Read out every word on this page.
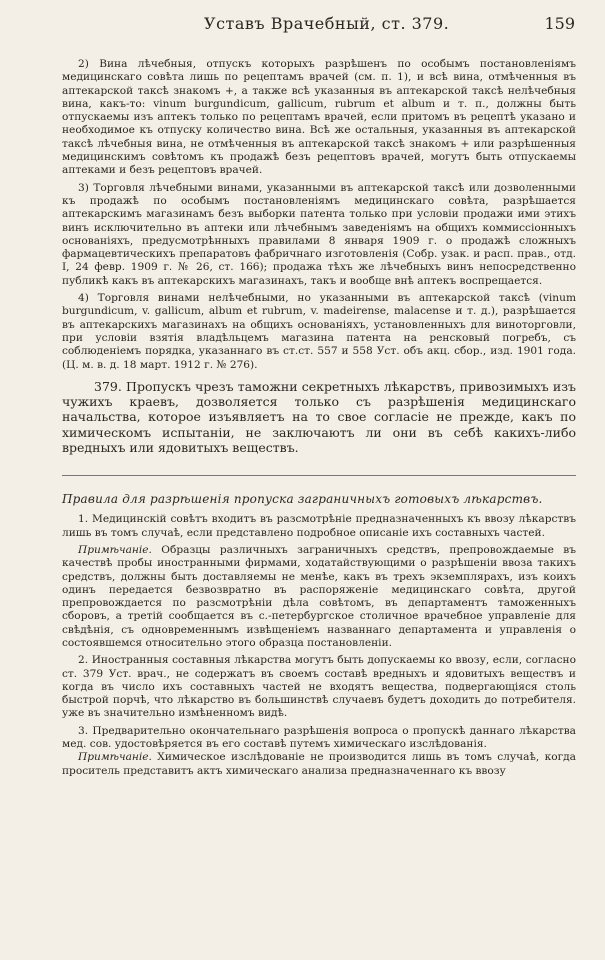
Уставъ Врачебный, ст. 379.	159

2) Вина лѣчебныя, отпускъ которыхъ разрѣшенъ по особымъ постановленіямъ медицинскаго совѣта лишь по рецептамъ врачей (см. п. 1), и всѣ вина, отмѣченныя въ аптекарской таксѣ знакомъ +, а также всѣ указанныя въ аптекарской таксѣ нелѣчебныя вина, какъ-то: vinum burgundicum, gallicum, rubrum et album и т. п., должны быть отпускаемы изъ аптекъ только по рецептамъ врачей, если притомъ въ рецептѣ указано и необходимое къ отпуску количество вина. Всѣ же остальныя, указанныя въ аптекарской таксѣ лѣчебныя вина, не отмѣченныя въ аптекарской таксѣ знакомъ + или разрѣшенныя медицинскимъ совѣтомъ къ продажѣ безъ рецептовъ врачей, могутъ быть отпускаемы аптеками и безъ рецептовъ врачей.

3) Торговля лѣчебными винами, указанными въ аптекарской таксѣ или дозволенными къ продажѣ по особымъ постановленіямъ медицинскаго совѣта, разрѣшается аптекарскимъ магазинамъ безъ выборки патента только при условіи продажи ими этихъ винъ исключительно въ аптеки или лѣчебнымъ заведеніямъ на общихъ коммиссіонныхъ основаніяхъ, предусмотрѣнныхъ правилами 8 января 1909 г. о продажѣ сложныхъ фармацевтическихъ препаратовъ фабричнаго изготовленія (Собр. узак. и расп. прав., отд. I, 24 февр. 1909 г. № 26, ст. 166); продажа тѣхъ же лѣчебныхъ винъ непосредственно публикѣ какъ въ аптекарскихъ магазинахъ, такъ и вообще внѣ аптекъ воспрещается.

4) Торговля винами нелѣчебными, но указанными въ аптекарской таксѣ (vinum burgundicum, v. gallicum, album et rubrum, v. madeirense, malacense и т. д.), разрѣшается въ аптекарскихъ магазинахъ на общихъ основаніяхъ, установленныхъ для виноторговли, при условіи взятія владѣльцемъ магазина патента на ренсковый погребъ, съ соблюденіемъ порядка, указаннаго въ ст.ст. 557 и 558 Уст. объ акц. сбор., изд. 1901 года. (Ц. м. в. д. 18 март. 1912 г. № 276).

379. Пропускъ чрезъ таможни секретныхъ лѣкарствъ, привозимыхъ изъ чужихъ краевъ, дозволяется только съ разрѣшенія медицинскаго начальства, которое изъявляетъ на то свое согласіе не прежде, какъ по химическомъ испытаніи, не заключаютъ ли они въ себѣ какихъ-либо вредныхъ или ядовитыхъ веществъ.

Правила для разрѣшенія пропуска заграничныхъ готовыхъ лѣкарствъ.

1. Медицинскій совѣтъ входитъ въ разсмотрѣніе предназначенныхъ къ ввозу лѣкарствъ лишь въ томъ случаѣ, если представлено подробное описаніе ихъ составныхъ частей.

Примѣчаніе. Образцы различныхъ заграничныхъ средствъ, препровождаемые въ качествѣ пробы иностранными фирмами, ходатайствующими о разрѣшеніи ввоза такихъ средствъ, должны быть доставляемы не менѣе, какъ въ трехъ экземплярахъ, изъ коихъ одинъ передается безвозвратно въ распоряженіе медицинскаго совѣта, другой препровождается по разсмотрѣніи дѣла совѣтомъ, въ департаментъ таможенныхъ сборовъ, а третій сообщается въ с.-петербургское столичное врачебное управленіе для свѣдѣнія, съ одновременнымъ извѣщеніемъ названнаго департамента и управленія о состоявшемся относительно этого образца постановленіи.

2. Иностранныя составныя лѣкарства могутъ быть допускаемы ко ввозу, если, согласно ст. 379 Уст. врач., не содержатъ въ своемъ составѣ вредныхъ и ядовитыхъ веществъ и когда въ число ихъ составныхъ частей не входятъ вещества, подвергающіяся столь быстрой порчѣ, что лѣкарство въ большинствѣ случаевъ будетъ доходить до потребителя. уже въ значительно измѣненномъ видѣ.

3. Предварительно окончательнаго разрѣшенія вопроса о пропускѣ даннаго лѣкарства мед. сов. удостовѣряется въ его составѣ путемъ химическаго изслѣдованія.

Примѣчаніе. Химическое изслѣдованіе не производится лишь въ томъ случаѣ, когда проситель представитъ актъ химическаго анализа предназначеннаго къ ввозу
